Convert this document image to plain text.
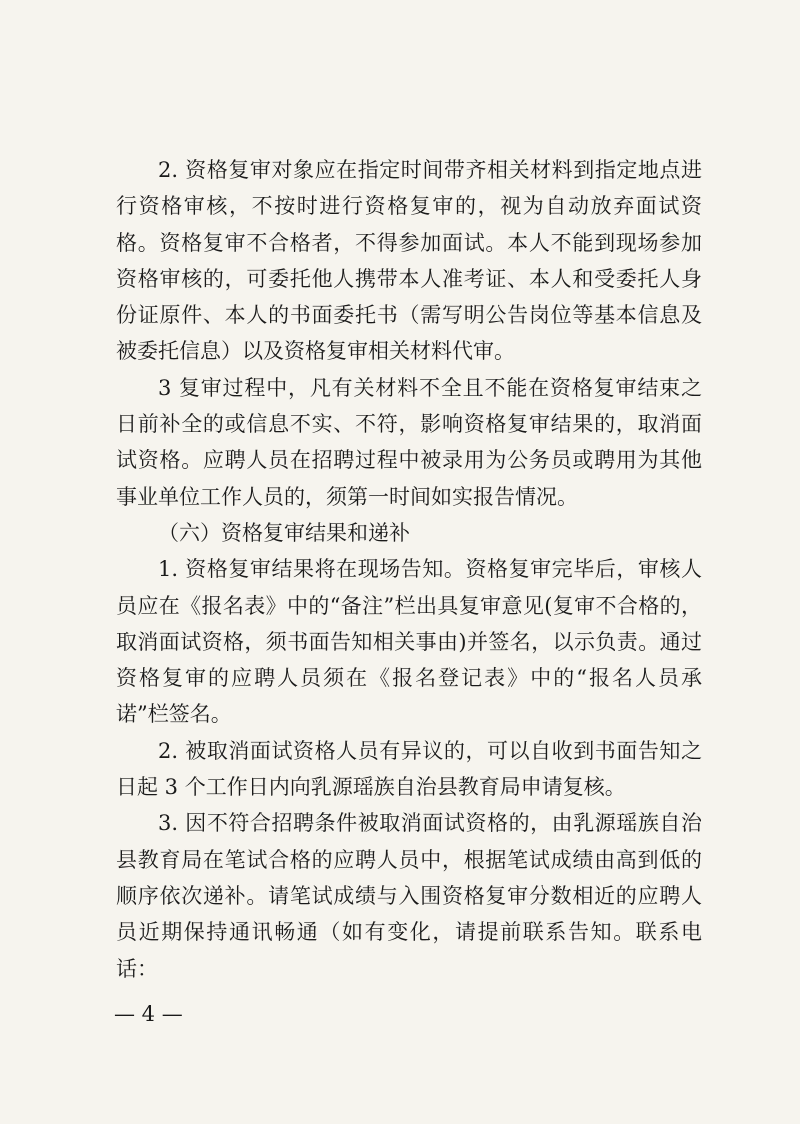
2. 资格复审对象应在指定时间带齐相关材料到指定地点进行资格审核，不按时进行资格复审的，视为自动放弃面试资格。资格复审不合格者，不得参加面试。本人不能到现场参加资格审核的，可委托他人携带本人准考证、本人和受委托人身份证原件、本人的书面委托书（需写明公告岗位等基本信息及被委托信息）以及资格复审相关材料代审。

3 复审过程中，凡有关材料不全且不能在资格复审结束之日前补全的或信息不实、不符，影响资格复审结果的，取消面试资格。应聘人员在招聘过程中被录用为公务员或聘用为其他事业单位工作人员的，须第一时间如实报告情况。

（六）资格复审结果和递补

1. 资格复审结果将在现场告知。资格复审完毕后，审核人员应在《报名表》中的“备注”栏出具复审意见(复审不合格的，取消面试资格，须书面告知相关事由)并签名，以示负责。通过资格复审的应聘人员须在《报名登记表》中的“报名人员承诺”栏签名。

2. 被取消面试资格人员有异议的，可以自收到书面告知之日起 3 个工作日内向乳源瑶族自治县教育局申请复核。

3. 因不符合招聘条件被取消面试资格的，由乳源瑶族自治县教育局在笔试合格的应聘人员中，根据笔试成绩由高到低的顺序依次递补。请笔试成绩与入围资格复审分数相近的应聘人员近期保持通讯畅通（如有变化，请提前联系告知。联系电话：

— 4 —
